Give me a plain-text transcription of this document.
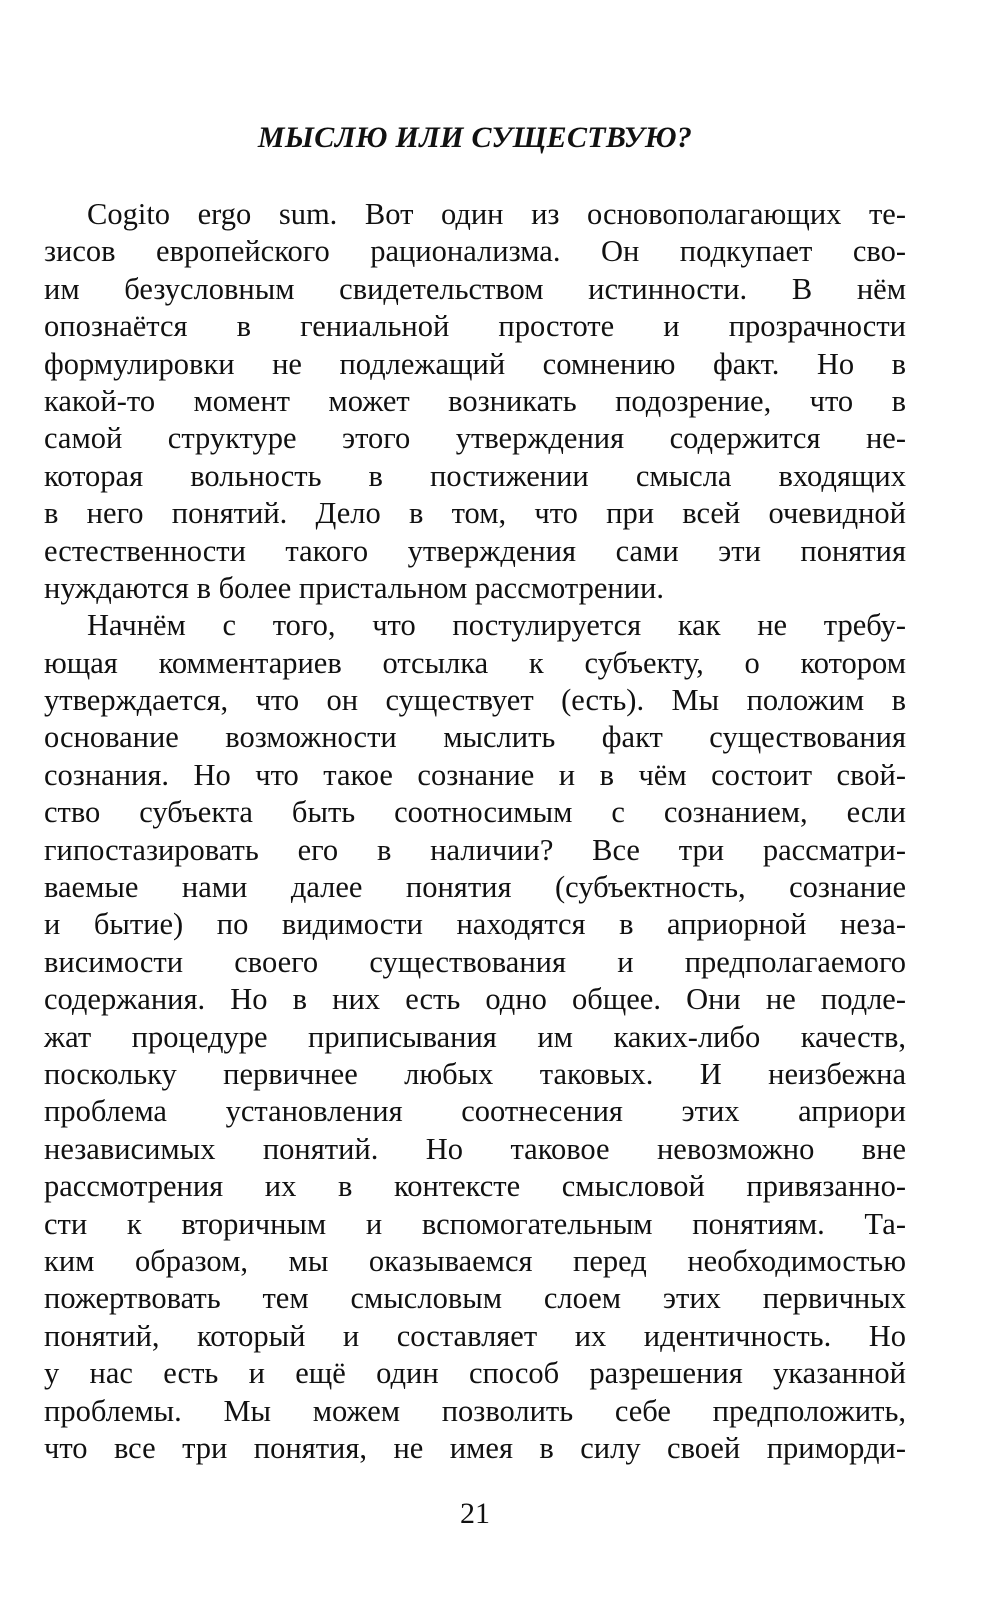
МЫСЛЮ ИЛИ СУЩЕСТВУЮ?
Cogito ergo sum. Вот один из основополагающих те-
зисов европейского рационализма. Он подкупает сво-
им безусловным свидетельством истинности. В нём
опознаётся в гениальной простоте и прозрачности
формулировки не подлежащий сомнению факт. Но в
какой-то момент может возникать подозрение, что в
самой структуре этого утверждения содержится не-
которая вольность в постижении смысла входящих
в него понятий. Дело в том, что при всей очевидной
естественности такого утверждения сами эти понятия
нуждаются в более пристальном рассмотрении.
Начнём с того, что постулируется как не требу-
ющая комментариев отсылка к субъекту, о котором
утверждается, что он существует (есть). Мы положим в
основание возможности мыслить факт существования
сознания. Но что такое сознание и в чём состоит свой-
ство субъекта быть соотносимым с сознанием, если
гипостазировать его в наличии? Все три рассматри-
ваемые нами далее понятия (субъектность, сознание
и бытие) по видимости находятся в априорной неза-
висимости своего существования и предполагаемого
содержания. Но в них есть одно общее. Они не подле-
жат процедуре приписывания им каких-либо качеств,
поскольку первичнее любых таковых. И неизбежна
проблема установления соотнесения этих априори
независимых понятий. Но таковое невозможно вне
рассмотрения их в контексте смысловой привязанно-
сти к вторичным и вспомогательным понятиям. Та-
ким образом, мы оказываемся перед необходимостью
пожертвовать тем смысловым слоем этих первичных
понятий, который и составляет их идентичность. Но
у нас есть и ещё один способ разрешения указанной
проблемы. Мы можем позволить себе предположить,
что все три понятия, не имея в силу своей приморди-
21
